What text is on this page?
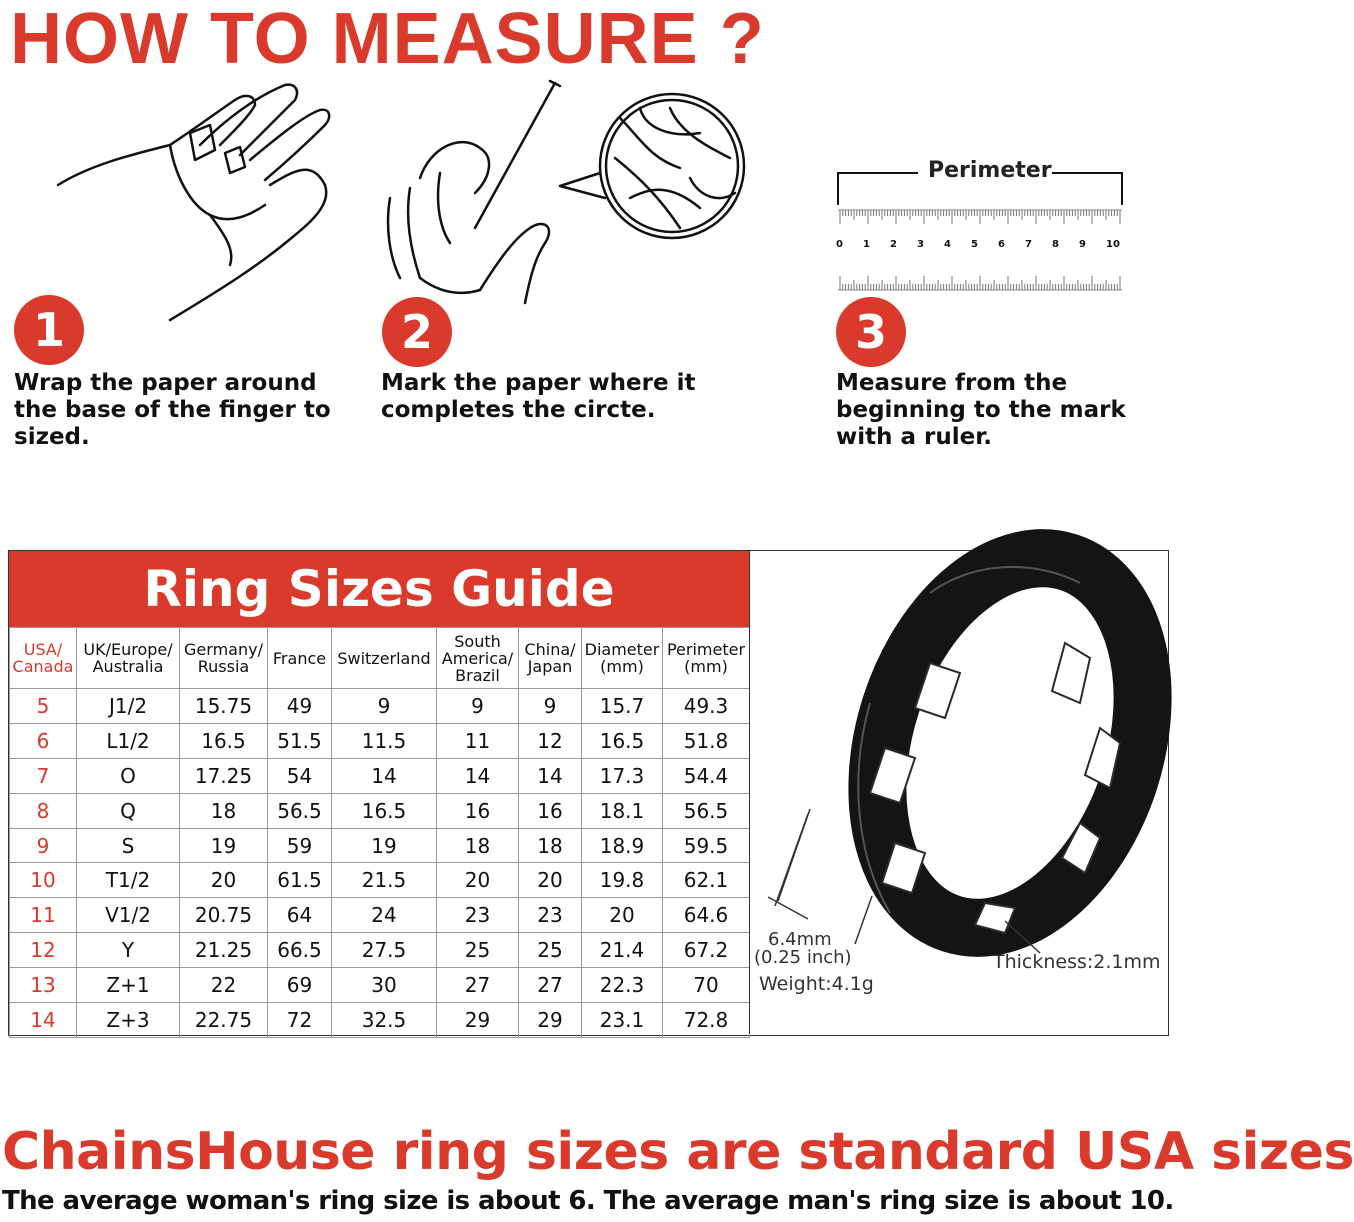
HOW TO MEASURE ?
Perimeter
0 1 2 3 4 5 6 7 8 9 10
1
Wrap the paper around the base of the finger to sized.
2
Mark the paper where it completes the circte.
3
Measure from the beginning to the mark with a ruler.
Ring Sizes Guide
USA/ Canada	UK/Europe/ Australia	Germany/ Russia	France	Switzerland	South America/ Brazil	China/ Japan	Diameter (mm)	Perimeter (mm)
5	J1/2	15.75	49	9	9	9	15.7	49.3
6	L1/2	16.5	51.5	11.5	11	12	16.5	51.8
7	O	17.25	54	14	14	14	17.3	54.4
8	Q	18	56.5	16.5	16	16	18.1	56.5
9	S	19	59	19	18	18	18.9	59.5
10	T1/2	20	61.5	21.5	20	20	19.8	62.1
11	V1/2	20.75	64	24	23	23	20	64.6
12	Y	21.25	66.5	27.5	25	25	21.4	67.2
13	Z+1	22	69	30	27	27	22.3	70
14	Z+3	22.75	72	32.5	29	29	23.1	72.8
6.4mm
(0.25 inch)
Weight:4.1g
Thickness:2.1mm
ChainsHouse ring sizes are standard USA sizes
The average woman's ring size is about 6. The average man's ring size is about 10.
